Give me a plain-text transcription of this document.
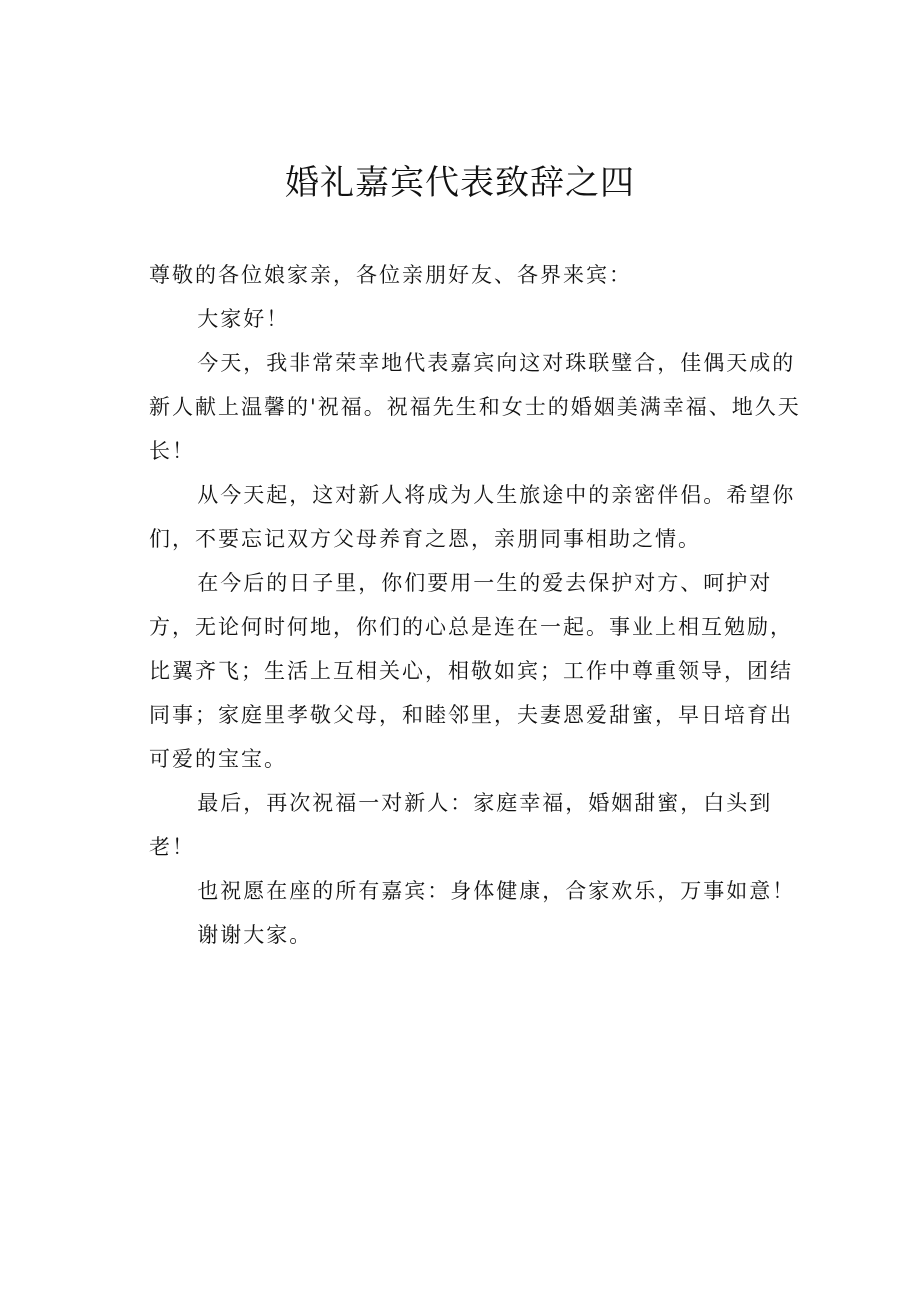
婚礼嘉宾代表致辞之四

尊敬的各位娘家亲，各位亲朋好友、各界来宾：

大家好！

今天，我非常荣幸地代表嘉宾向这对珠联璧合，佳偶天成的新人献上温馨的'祝福。祝福先生和女士的婚姻美满幸福、地久天长！

从今天起，这对新人将成为人生旅途中的亲密伴侣。希望你们，不要忘记双方父母养育之恩，亲朋同事相助之情。

在今后的日子里，你们要用一生的爱去保护对方、呵护对方，无论何时何地，你们的心总是连在一起。事业上相互勉励，比翼齐飞；生活上互相关心，相敬如宾；工作中尊重领导，团结同事；家庭里孝敬父母，和睦邻里，夫妻恩爱甜蜜，早日培育出可爱的宝宝。

最后，再次祝福一对新人：家庭幸福，婚姻甜蜜，白头到老！

也祝愿在座的所有嘉宾：身体健康，合家欢乐，万事如意！

谢谢大家。
